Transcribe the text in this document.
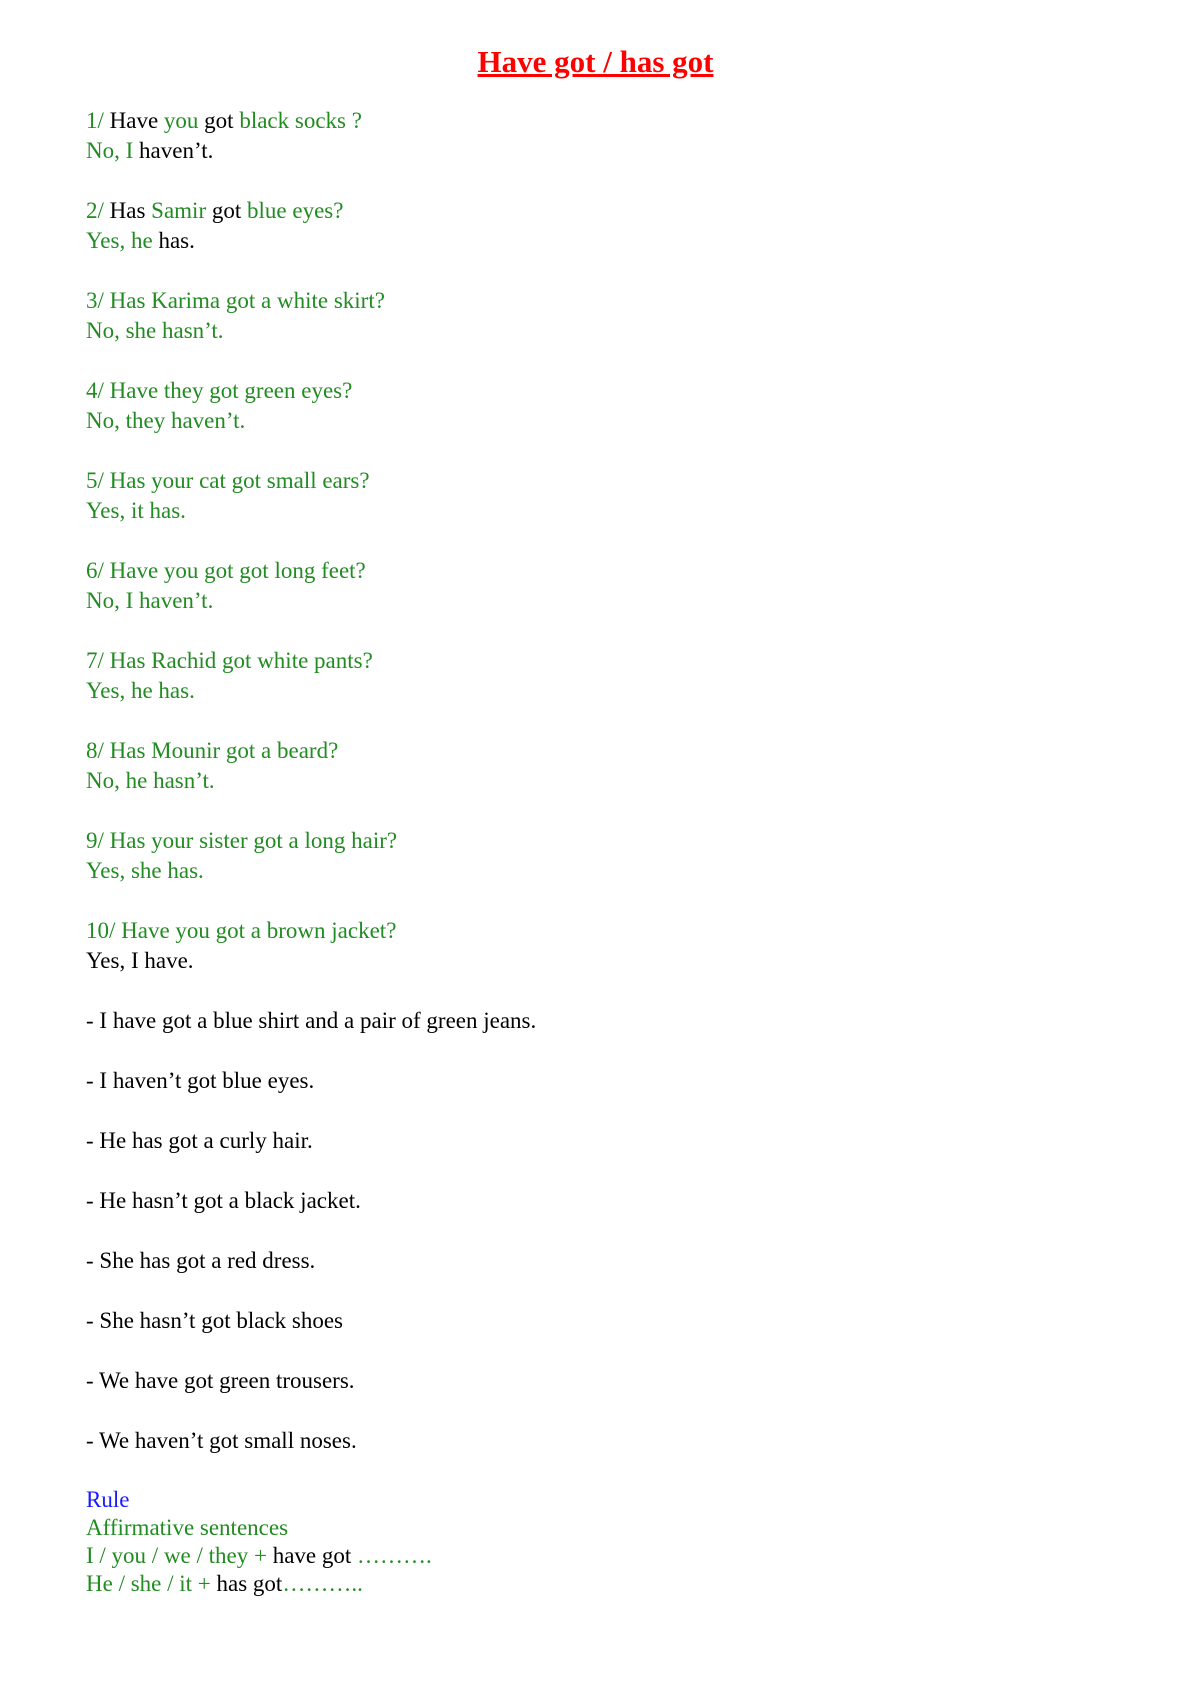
Have got / has got
1/ Have you got black socks ?
No, I haven’t.
2/ Has Samir got blue eyes?
Yes, he has.
3/ Has Karima got a white skirt?
No, she hasn’t.
4/ Have they got green eyes?
No, they haven’t.
5/ Has your cat got small ears?
Yes, it has.
6/ Have you got got long feet?
No, I haven’t.
7/ Has Rachid got white pants?
Yes, he has.
8/ Has Mounir got a beard?
No, he hasn’t.
9/ Has your sister got a long hair?
Yes, she has.
10/ Have you got a brown jacket?
Yes, I have.
- I have got a blue shirt and a pair of green jeans.
- I haven’t got blue eyes.
- He has got a curly hair.
- He hasn’t got a black jacket.
- She has got a red dress.
- She hasn’t got black shoes
- We have got green trousers.
- We haven’t got small noses.
Rule
Affirmative sentences
I / you / we / they + have got ……….
He / she / it + has got………..
